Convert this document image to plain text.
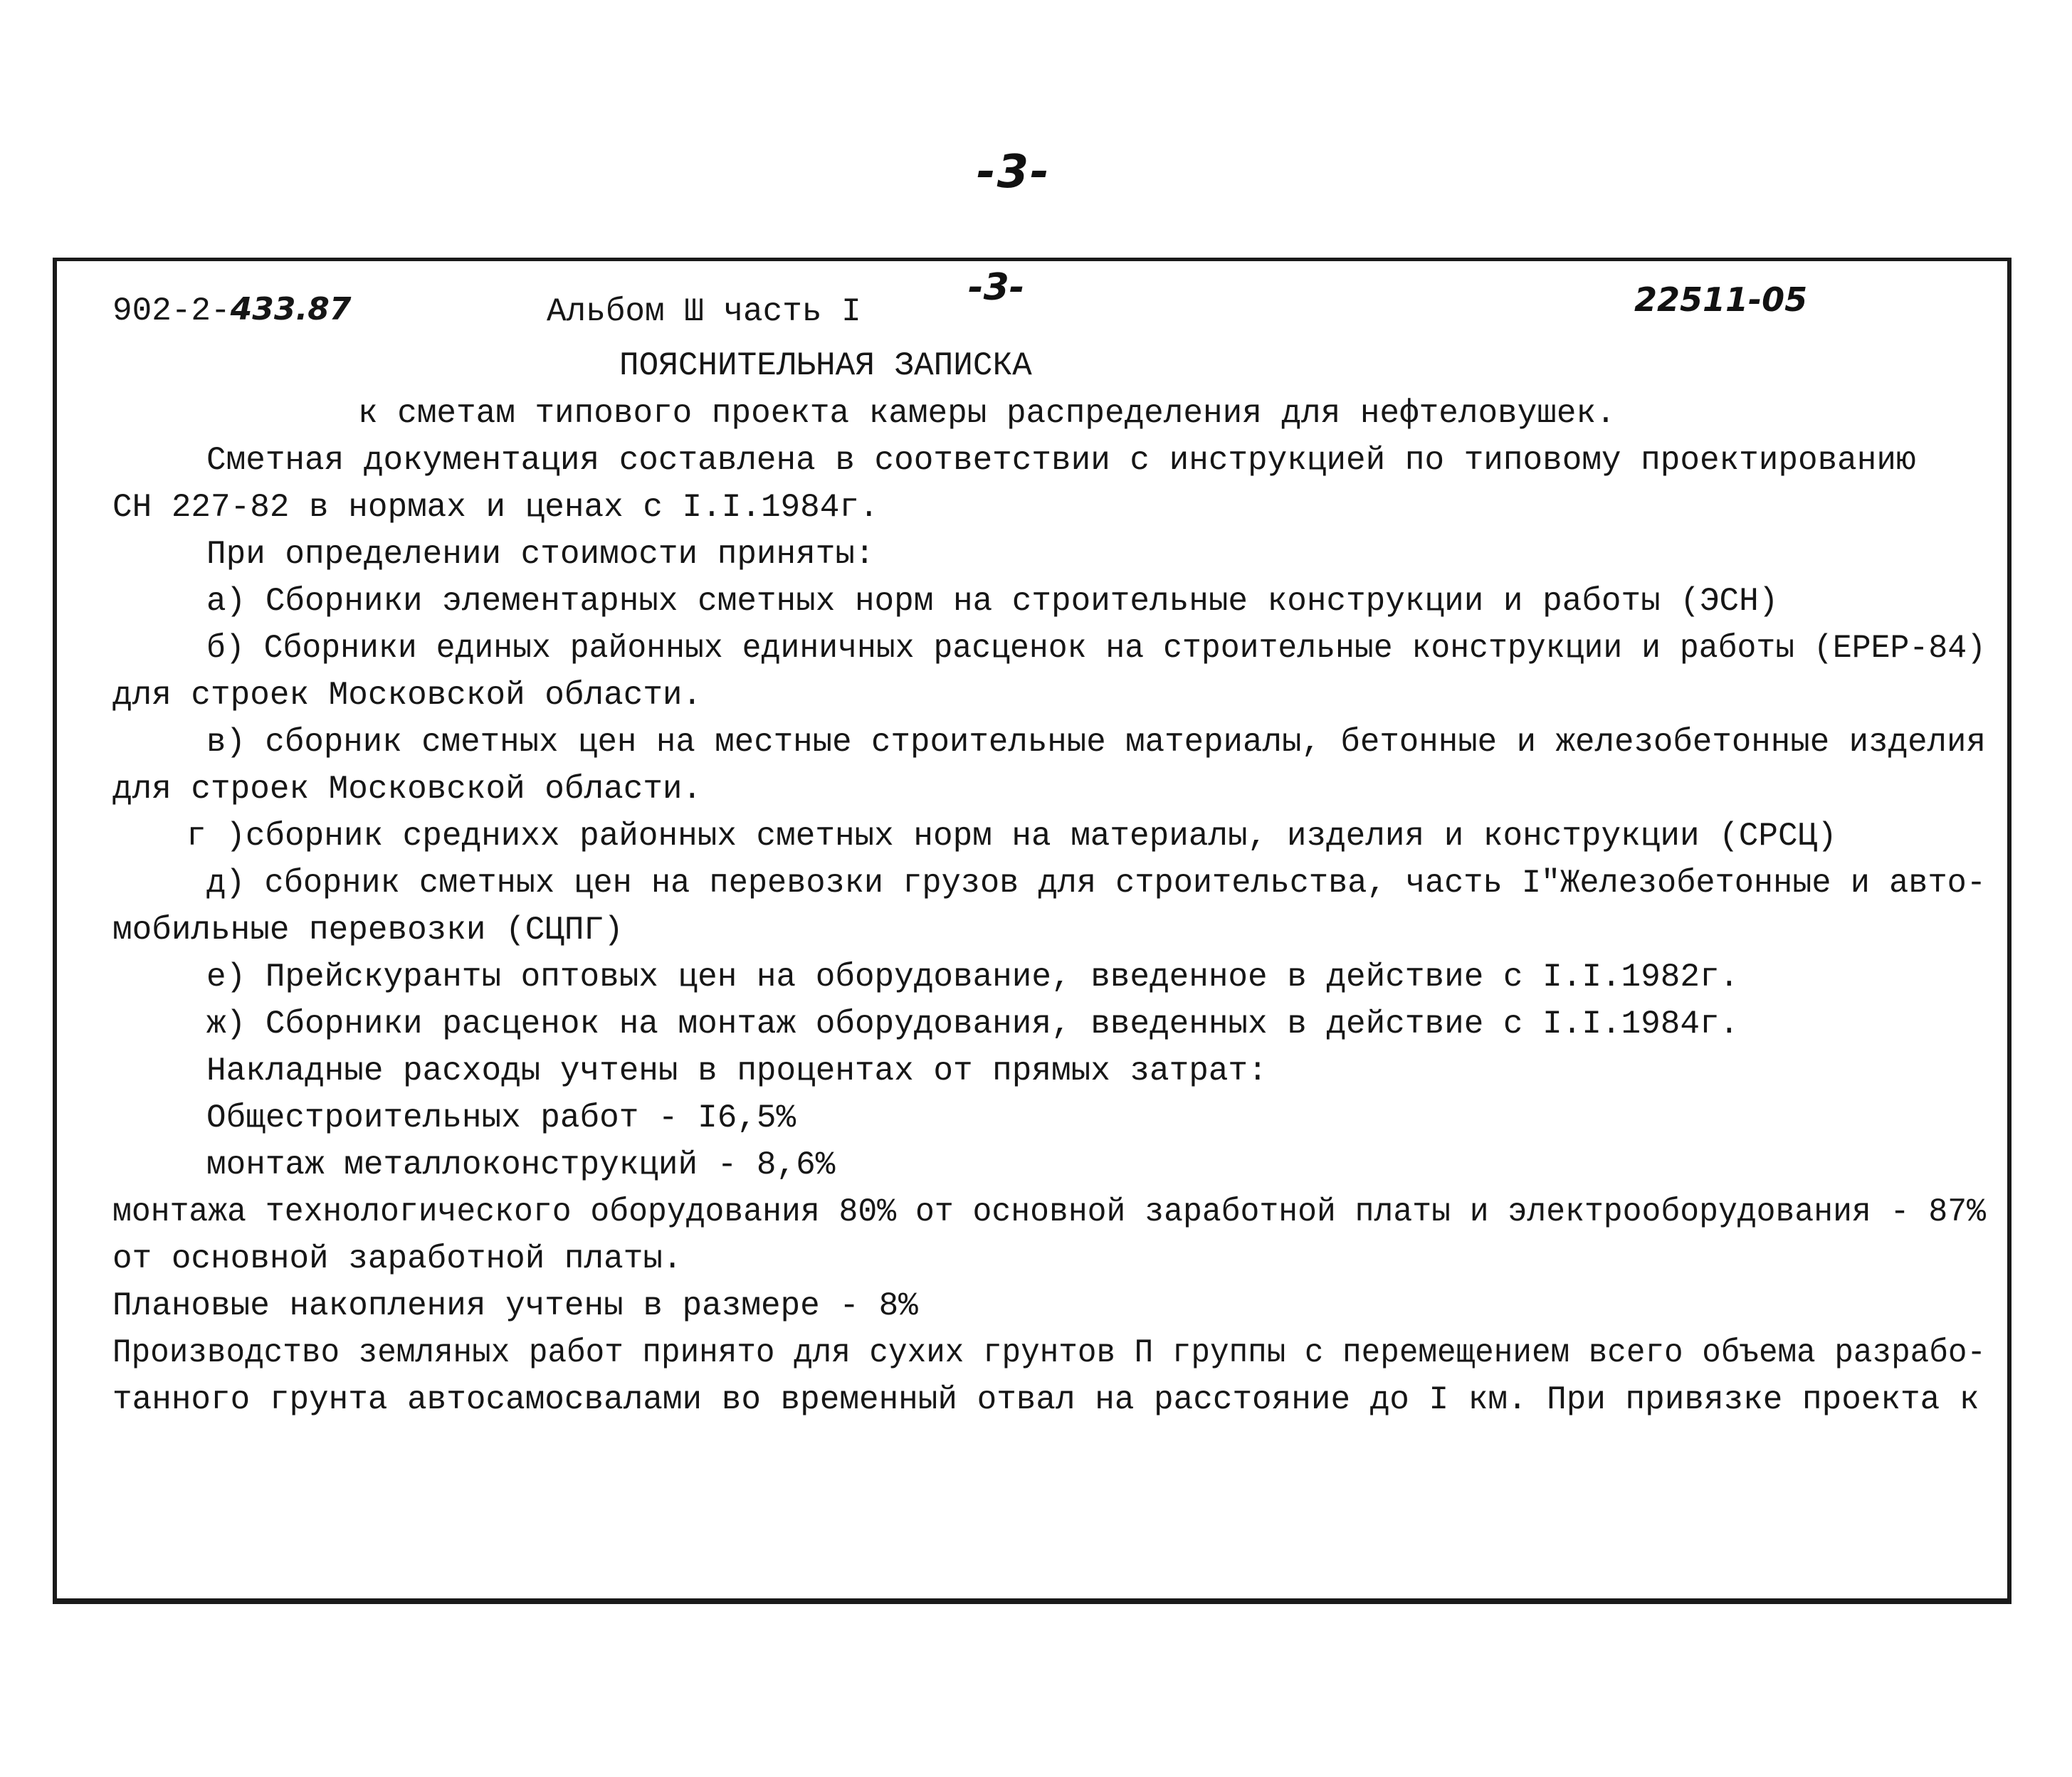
-3-
902-2-433.87	Альбом Ш часть I
-3-	22511-05
ПОЯСНИТЕЛЬНАЯ ЗАПИСКА
к сметам типового проекта камеры распределения для нефтеловушек.
Сметная документация составлена в соответствии с инструкцией по типовому проектированию
СН 227-82 в нормах и ценах с I.I.1984г.
При определении стоимости приняты:
а) Сборники элементарных сметных норм на строительные конструкции и работы (ЭСН)
б) Сборники единых районных единичных расценок на строительные конструкции и работы (ЕРЕР-84)
для строек Московской области.
в) сборник сметных цен на местные строительные материалы, бетонные и железобетонные изделия
для строек Московской области.
г )сборник среднихх районных сметных норм на материалы, изделия и конструкции (СРСЦ)
д) сборник сметных цен на перевозки грузов для строительства, часть I"Железобетонные и авто-
мобильные перевозки (СЦПГ)
е) Прейскуранты оптовых цен на оборудование, введенное в действие с I.I.1982г.
ж) Сборники расценок на монтаж оборудования, введенных в действие с I.I.1984г.
Накладные расходы учтены в процентах от прямых затрат:
Общестроительных работ - I6,5%
монтаж металлоконструкций - 8,6%
монтажа технологического оборудования 80% от основной заработной платы и электрооборудования - 87%
от основной заработной платы.
Плановые накопления учтены в размере - 8%
Производство земляных работ принято для сухих грунтов П группы с перемещением всего объема разрабо-
танного грунта автосамосвалами во временный отвал на расстояние до I км. При привязке проекта к
